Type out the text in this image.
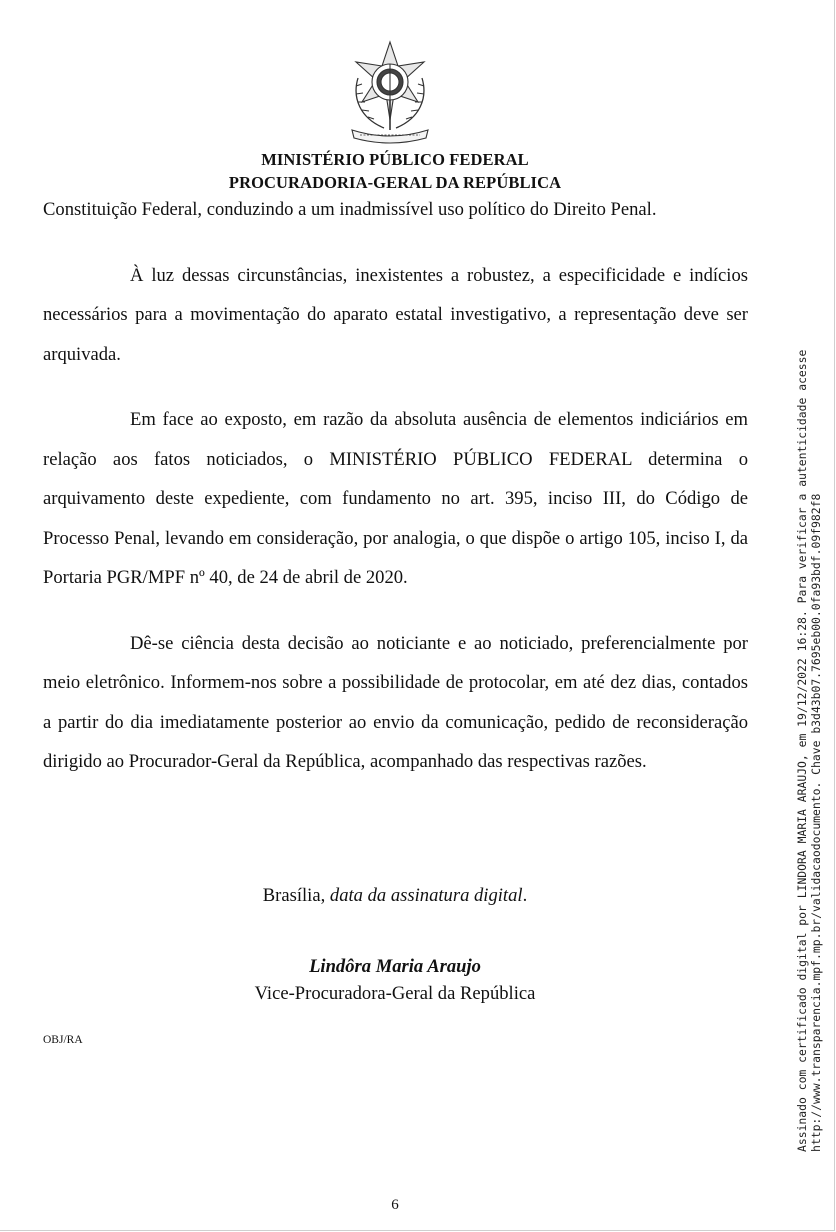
MINISTÉRIO PÚBLICO FEDERAL
PROCURADORIA-GERAL DA REPÚBLICA

Constituição Federal, conduzindo a um inadmissível uso político do Direito Penal.

À luz dessas circunstâncias, inexistentes a robustez, a especificidade e indícios necessários para a movimentação do aparato estatal investigativo, a representação deve ser arquivada.

Em face ao exposto, em razão da absoluta ausência de elementos indiciários em relação aos fatos noticiados, o MINISTÉRIO PÚBLICO FEDERAL determina o arquivamento deste expediente, com fundamento no art. 395, inciso III, do Código de Processo Penal, levando em consideração, por analogia, o que dispõe o artigo 105, inciso I, da Portaria PGR/MPF nº 40, de 24 de abril de 2020.

Dê-se ciência desta decisão ao noticiante e ao noticiado, preferencialmente por meio eletrônico. Informem-nos sobre a possibilidade de protocolar, em até dez dias, contados a partir do dia imediatamente posterior ao envio da comunicação, pedido de reconsideração dirigido ao Procurador-Geral da República, acompanhado das respectivas razões.

Brasília, data da assinatura digital.
Lindôra Maria Araujo
Vice-Procuradora-Geral da República
OBJ/RA
6
Assinado com certificado digital por LINDORA MARIA ARAUJO, em 19/12/2022 16:28. Para verificar a autenticidade acesse http://www.transparencia.mpf.mp.br/validacaodocumento. Chave b3d43b07.7695eb00.0fa93bdf.09f982f8
